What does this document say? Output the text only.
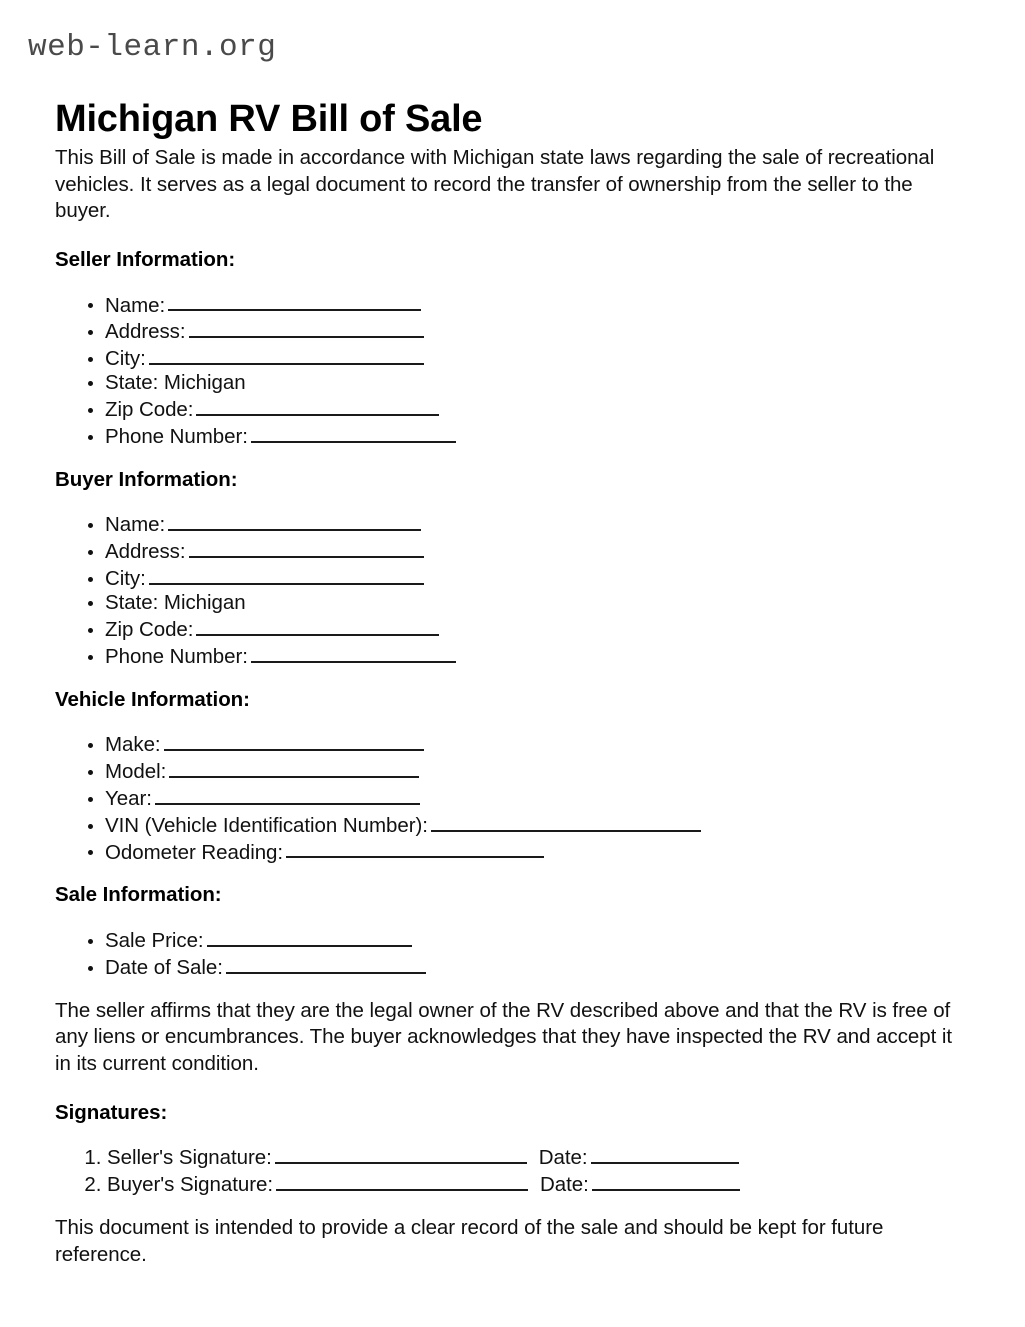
web-learn.org
Michigan RV Bill of Sale

This Bill of Sale is made in accordance with Michigan state laws regarding the sale of recreational vehicles. It serves as a legal document to record the transfer of ownership from the seller to the buyer.

Seller Information:
• Name:
• Address:
• City:
• State: Michigan
• Zip Code:
• Phone Number:
Buyer Information:
• Name:
• Address:
• City:
• State: Michigan
• Zip Code:
• Phone Number:
Vehicle Information:
• Make:
• Model:
• Year:
• VIN (Vehicle Identification Number):
• Odometer Reading:
Sale Information:
• Sale Price:
• Date of Sale:

The seller affirms that they are the legal owner of the RV described above and that the RV is free of any liens or encumbrances. The buyer acknowledges that they have inspected the RV and accept it in its current condition.

Signatures:
1. Seller's Signature:	Date:
2. Buyer's Signature:	Date:

This document is intended to provide a clear record of the sale and should be kept for future reference.
